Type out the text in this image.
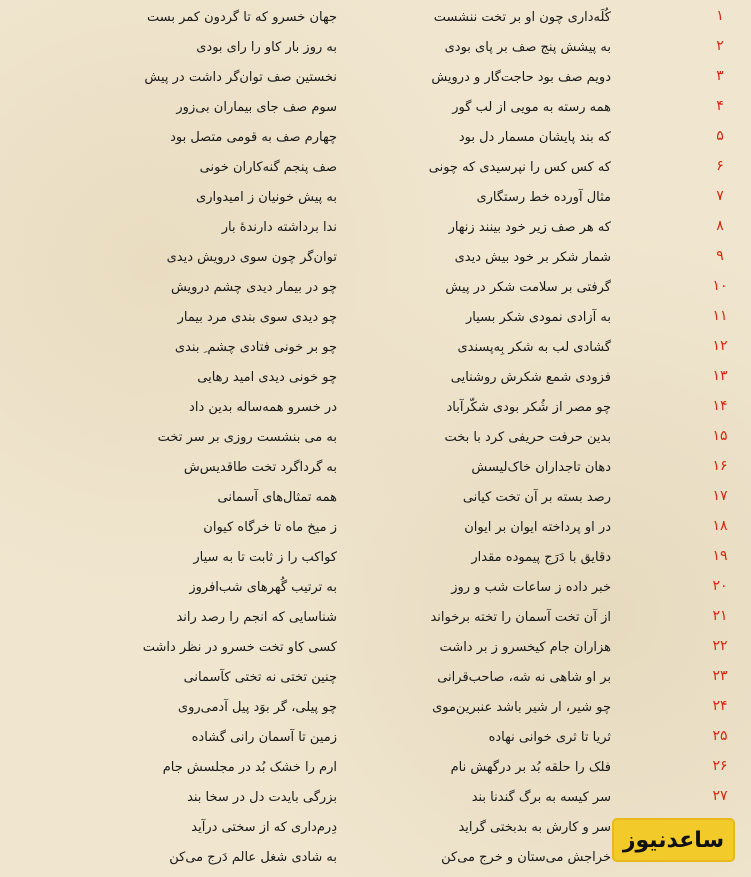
۱
جهان خسرو که تا گردون کمر بست	کُلَه‌داری چون او بر تخت ننشست
۲
به روز بار کاو را رای بودی	به پیشش پنج صف بر پای بودی
۳
نخستین صف توان‌گر داشت در پیش	دویم صف بود حاجت‌گار و درویش
۴
سوم صف جای بیماران بی‌زور	همه رسته به مویی از لب گور
۵
چهارم صف به قومی متصل بود	که بند پایشان مسمار دل بود
۶
صف پنجم گنه‌کاران خونی	که کس کس را نپرسیدی که چونی
۷
به پیش خونیان ز امیدواری	مثال آورده خط رستگاری
۸
ندا برداشته دارندهٔ بار	که هر صف زیر خود بینند زنهار
۹
توان‌گر چون سوی درویش دیدی	شمار شکر بر خود بیش دیدی
۱۰
چو در بیمار دیدی چشم درویش	گرفتی بر سلامت شکر در پیش
۱۱
چو دیدی سوی بندی مرد بیمار	به آزادی نمودی شکر بسیار
۱۲
چو بر خونی فتادی چشم ِ بندی	گشادی لب به شکر بِه‌پسندی
۱۳
چو خونی دیدی امید رهایی	فزودی شمع شکرش روشنایی
۱۴
در خسرو همه‌ساله بدین داد	چو مصر از شُکر بودی شکّرآباد
۱۵
به می بنشست روزی بر سر تخت	بدین حرفت حریفی کرد با بخت
۱۶
به گرداگرد تخت طاقدیس‌ش	دهان تاجداران خاک‌لیسش
۱۷
همه تمثال‌های آسمانی	رصد بسته بر آن تخت کیانی
۱۸
ز میخ ماه تا خرگاه کیوان	در او پرداخته ایوان بر ایوان
۱۹
کواکب را ز ثابت تا به سیار	دقایق با دَرَج پیموده مقدار
۲۰
به ترتیب گُهرهای شب‌افروز	خبر داده ز ساعات شب و روز
۲۱
شناسایی که انجم را رصد راند	از آن تخت آسمان را تخته برخواند
۲۲
کسی کاو تخت خسرو در نظر داشت	هزاران جام کیخسرو ز بر داشت
۲۳
چنین تختی نه تختی کآسمانی	بر او شاهی نه شه، صاحب‌قرانی
۲۴
چو پیلی، گر بوَد پیل آدمی‌روی	چو شیر، ار شیر باشد عنبرین‌موی
۲۵
زمین تا آسمان رانی گشاده	ثریا تا ثری خوانی نهاده
۲۶
ارم را خشک بُد در مجلسش جام	فلک را حلقه بُد بر درگهش نام
۲۷
بزرگی بایدت دل در سخا بند	سر کیسه به برگ گندنا بند
دِرم‌داری که از سختی درآید	سر و کارش به بدبختی گراید
به شادی شغل عالم دَرج می‌کن	خراجش می‌ستان و خرج می‌کن
ساعدنیوز
